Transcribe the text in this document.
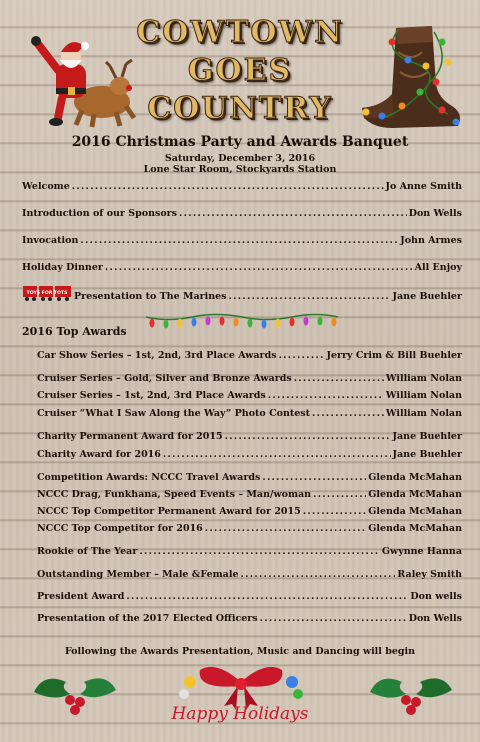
COWTOWN
GOES
COUNTRY
2016 Christmas Party and Awards Banquet
Saturday, December 3, 2016
Lone Star Room, Stockyards Station
Welcome . . .	Jo Anne Smith
Introduction of our Sponsors . . .	Don Wells
Invocation . . .	John Armes
Holiday Dinner . . .	All Enjoy
TOYS FOR TOTS Presentation to The Marines . . .	Jane Buehler
2016 Top Awards
Car Show Series – 1st, 2nd, 3rd Place Awards . . .	Jerry Crim & Bill Buehler
Cruiser Series – Gold, Silver and Bronze Awards . . .	William Nolan
Cruiser Series – 1st, 2nd, 3rd Place Awards . . .	William Nolan
Cruiser “What I Saw Along the Way” Photo Contest . . .	William Nolan
Charity Permanent Award for 2015 . . .	Jane Buehler
Charity Award for 2016 . . .	Jane Buehler
Competition Awards: NCCC Travel Awards . . .	Glenda McMahan
NCCC Drag, Funkhana, Speed Events – Man/woman . . .	Glenda McMahan
NCCC Top Competitor Permanent Award for 2015 . . .	Glenda McMahan
NCCC Top Competitor for 2016 . . .	Glenda McMahan
Rookie of The Year . . .	Gwynne Hanna
Outstanding Member – Male &Female . . .	Raley Smith
President Award . . .	Don wells
Presentation of the 2017 Elected Officers . . .	Don Wells
Following the Awards Presentation, Music and Dancing will begin
Happy Holidays
